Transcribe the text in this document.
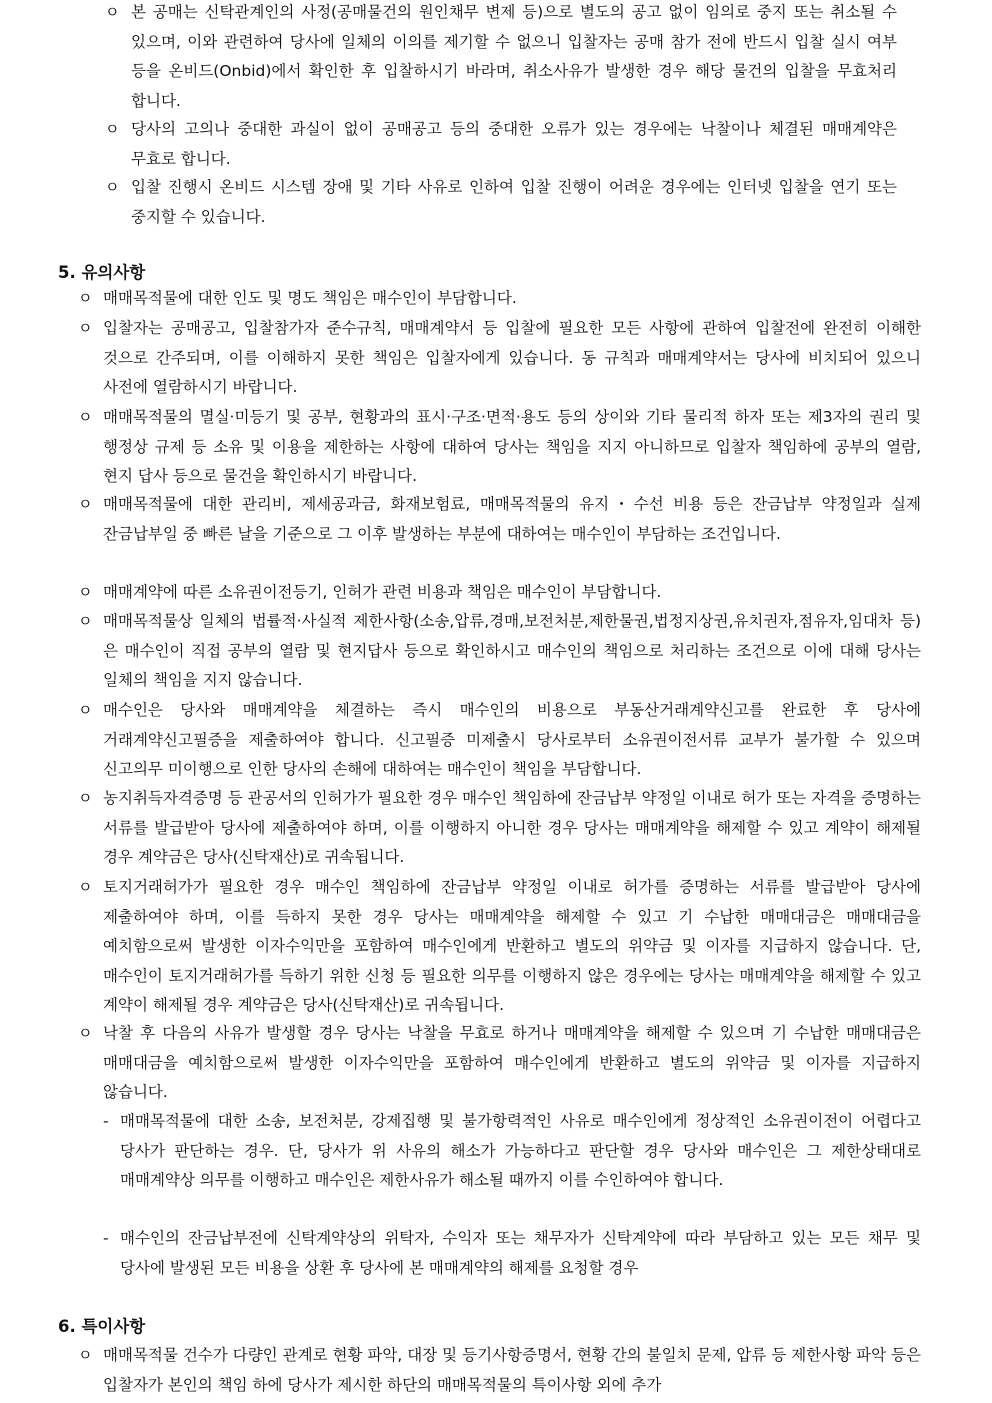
ㅇ 본 공매는 신탁관계인의 사정(공매물건의 원인채무 변제 등)으로 별도의 공고 없이 임의로 중지 또는 취소될 수 있으며, 이와 관련하여 당사에 일체의 이의를 제기할 수 없으니 입찰자는 공매 참가 전에 반드시 입찰 실시 여부 등을 온비드(Onbid)에서 확인한 후 입찰하시기 바라며, 취소사유가 발생한 경우 해당 물건의 입찰을 무효처리 합니다.

ㅇ 당사의 고의나 중대한 과실이 없이 공매공고 등의 중대한 오류가 있는 경우에는 낙찰이나 체결된 매매계약은 무효로 합니다.

ㅇ 입찰 진행시 온비드 시스템 장애 및 기타 사유로 인하여 입찰 진행이 어려운 경우에는 인터넷 입찰을 연기 또는 중지할 수 있습니다.

5. 유의사항
ㅇ 매매목적물에 대한 인도 및 명도 책임은 매수인이 부담합니다.

ㅇ 입찰자는 공매공고, 입찰참가자 준수규칙, 매매계약서 등 입찰에 필요한 모든 사항에 관하여 입찰전에 완전히 이해한 것으로 간주되며, 이를 이해하지 못한 책임은 입찰자에게 있습니다. 동 규칙과 매매계약서는 당사에 비치되어 있으니 사전에 열람하시기 바랍니다.

ㅇ 매매목적물의 멸실·미등기 및 공부, 현황과의 표시·구조·면적·용도 등의 상이와 기타 물리적 하자 또는 제3자의 권리 및 행정상 규제 등 소유 및 이용을 제한하는 사항에 대하여 당사는 책임을 지지 아니하므로 입찰자 책임하에 공부의 열람, 현지 답사 등으로 물건을 확인하시기 바랍니다.

ㅇ 매매목적물에 대한 관리비, 제세공과금, 화재보험료, 매매목적물의 유지・수선 비용 등은 잔금납부 약정일과 실제 잔금납부일 중 빠른 날을 기준으로 그 이후 발생하는 부분에 대하여는 매수인이 부담하는 조건입니다.

ㅇ 매매계약에 따른 소유권이전등기, 인허가 관련 비용과 책임은 매수인이 부담합니다.

ㅇ 매매목적물상 일체의 법률적·사실적 제한사항(소송,압류,경매,보전처분,제한물권,법정지상권,유치권자,점유자,임대차 등)은 매수인이 직접 공부의 열람 및 현지답사 등으로 확인하시고 매수인의 책임으로 처리하는 조건으로 이에 대해 당사는 일체의 책임을 지지 않습니다.

ㅇ 매수인은 당사와 매매계약을 체결하는 즉시 매수인의 비용으로 부동산거래계약신고를 완료한 후 당사에 거래계약신고필증을 제출하여야 합니다. 신고필증 미제출시 당사로부터 소유권이전서류 교부가 불가할 수 있으며 신고의무 미이행으로 인한 당사의 손해에 대하여는 매수인이 책임을 부담합니다.

ㅇ 농지취득자격증명 등 관공서의 인허가가 필요한 경우 매수인 책임하에 잔금납부 약정일 이내로 허가 또는 자격을 증명하는 서류를 발급받아 당사에 제출하여야 하며, 이를 이행하지 아니한 경우 당사는 매매계약을 해제할 수 있고 계약이 해제될 경우 계약금은 당사(신탁재산)로 귀속됩니다.

ㅇ 토지거래허가가 필요한 경우 매수인 책임하에 잔금납부 약정일 이내로 허가를 증명하는 서류를 발급받아 당사에 제출하여야 하며, 이를 득하지 못한 경우 당사는 매매계약을 해제할 수 있고 기 수납한 매매대금은 매매대금을 예치함으로써 발생한 이자수익만을 포함하여 매수인에게 반환하고 별도의 위약금 및 이자를 지급하지 않습니다. 단, 매수인이 토지거래허가를 득하기 위한 신청 등 필요한 의무를 이행하지 않은 경우에는 당사는 매매계약을 해제할 수 있고 계약이 해제될 경우 계약금은 당사(신탁재산)로 귀속됩니다.

ㅇ 낙찰 후 다음의 사유가 발생할 경우 당사는 낙찰을 무효로 하거나 매매계약을 해제할 수 있으며 기 수납한 매매대금은 매매대금을 예치함으로써 발생한 이자수익만을 포함하여 매수인에게 반환하고 별도의 위약금 및 이자를 지급하지 않습니다.

- 매매목적물에 대한 소송, 보전처분, 강제집행 및 불가항력적인 사유로 매수인에게 정상적인 소유권이전이 어렵다고 당사가 판단하는 경우. 단, 당사가 위 사유의 해소가 가능하다고 판단할 경우 당사와 매수인은 그 제한상태대로 매매계약상 의무를 이행하고 매수인은 제한사유가 해소될 때까지 이를 수인하여야 합니다.

- 매수인의 잔금납부전에 신탁계약상의 위탁자, 수익자 또는 채무자가 신탁계약에 따라 부담하고 있는 모든 채무 및 당사에 발생된 모든 비용을 상환 후 당사에 본 매매계약의 해제를 요청할 경우

6. 특이사항
ㅇ 매매목적물 건수가 다량인 관계로 현황 파악, 대장 및 등기사항증명서, 현황 간의 불일치 문제, 압류 등 제한사항 파악 등은 입찰자가 본인의 책임 하에 당사가 제시한 하단의 매매목적물의 특이사항 외에 추가
